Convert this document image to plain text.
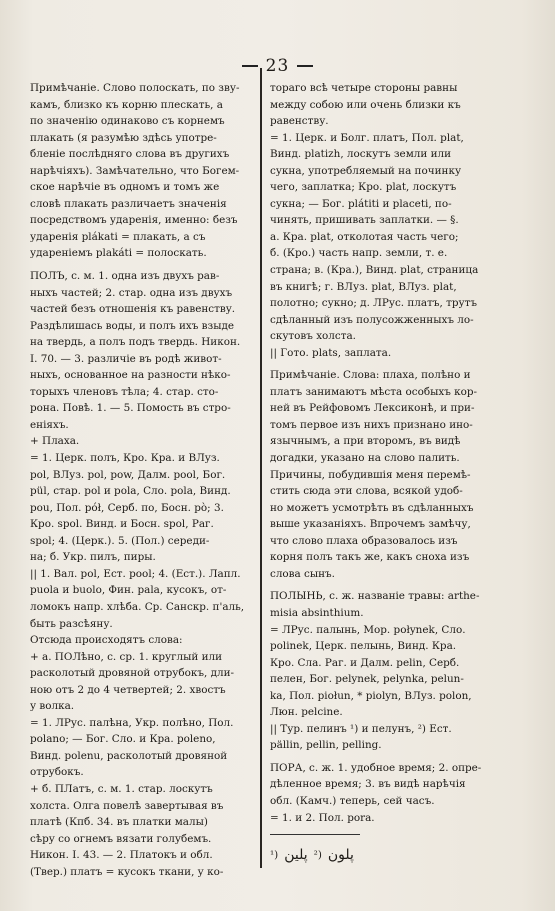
23
Примѣчаніе. Слово полоскать, по зву-
камъ, близко къ корню плескать, а
по значенію одинаково съ корнемъ
плакать (я разумѣю здѣсь употре-
бленіе послѣдняго слова въ другихъ
нарѣчіяхъ). Замѣчательно, что Богем-
ское нарѣчіе въ одномъ и томъ же
словѣ плакать различаетъ значенія
посредствомъ ударенія, именно: безъ
ударенія plákati = плакать, а съ
удареніемъ plakáti = полоскать.
ПОЛЪ, с. м. 1. одна изъ двухъ рав-
ныхъ частей; 2. стар. одна изъ двухъ
частей безъ отношенія къ равенству.
Раздѣлишась воды, и полъ ихъ взыде
на твердь, а полъ подъ твердь. Никон.
I. 70. — 3. различіе въ родѣ живот-
ныхъ, основанное на разности нѣко-
торыхъ членовъ тѣла; 4. стар. сто-
рона. Повѣ. 1. — 5. Помость въ стро-
еніяхъ.
+ Плаха.
= 1. Церк. полъ, Кро. Кра. и ВЛуз.
pol, ВЛуз. pol, pow, Далм. pool, Бог.
pül, стар. pol и pola, Сло. pola, Винд.
pou, Пол. pół, Серб. по, Босн. pò; 3.
Кро. spol. Винд. и Босн. spol, Раг.
spol; 4. (Церк.). 5. (Пол.) середи-
на; б. Укр. пилъ, пиры.
|| 1. Вал. pol, Ест. pool; 4. (Ест.). Лапл.
puola и buolo, Фин. pala, кусокъ, от-
ломокъ напр. хлѣба. Ср. Санскр. п'аль,
быть разсѣяну.
Отсюда происходятъ слова:
+ а. ПОЛѣно, с. ср. 1. круглый или
расколотый дровяной отрубокъ, дли-
ною отъ 2 до 4 четвертей; 2. хвостъ
у волка.
= 1. ЛРус. палѣна, Укр. полѣно, Пол.
polano; — Бог. Сло. и Кра. poleno,
Винд. polenu, расколотый дровяной
отрубокъ.
+ б. ПЛатъ, с. м. 1. стар. лоскутъ
холста. Олга повелѣ завертывая въ
платѣ (Кпб. 34. въ платки малы)
сѣру со огнемъ вязати голубемъ.
Никон. I. 43. — 2. Платокъ и обл.
(Твер.) платъ = кусокъ ткани, у ко-
тораго всѣ четыре стороны равны
между собою или очень близки къ
равенству.
= 1. Церк. и Болг. платъ, Пол. plat,
Винд. platizh, лоскутъ земли или
сукна, употребляемый на починку
чего, заплатка; Кро. plat, лоскутъ
сукна; — Бог. plátiti и placeti, по-
чинять, пришивать заплатки. — §.
а. Кра. plat, отколотая часть чего;
б. (Кро.) часть напр. земли, т. е.
страна; в. (Кра.), Винд. plat, страница
въ книгѣ; г. ВЛуз. plat, ВЛуз. plat,
полотно; сукно; д. ЛРус. платъ, трутъ
сдѣланный изъ полусожженныхъ ло-
скутовъ холста.
|| Гото. plats, заплата.
Примѣчаніе. Слова: плаха, полѣно и
платъ занимаютъ мѣста особыхъ кор-
ней въ Рейфовомъ Лексиконѣ, и при-
томъ первое изъ нихъ признано ино-
язычнымъ, а при второмъ, въ видѣ
догадки, указано на слово палить.
Причины, побудившія меня перемѣ-
стить сюда эти слова, всякой удоб-
но можетъ усмотрѣть въ сдѣланныхъ
выше указаніяхъ. Впрочемъ замѣчу,
что слово плаха образовалось изъ
корня полъ такъ же, какъ сноха изъ
слова сынъ.
ПОЛЫНЬ, с. ж. названіе травы: arthe-
misia absinthium.
= ЛРус. палынь, Мор. połynek, Сло.
polinek, Церк. пелынь, Винд. Кра.
Кро. Сла. Раг. и Далм. pelin, Серб.
пелен, Бог. pelynek, pelynka, pelun-
ka, Пол. piołun, * piolyn, ВЛуз. polon,
Люн. pelcine.
|| Тур. пелинъ ¹) и пелунъ, ²) Ест.
pällin, pellin, pelling.
ПОРА, с. ж. 1. удобное время; 2. опре-
дѣленное время; 3. въ видѣ нарѣчія
обл. (Камч.) теперь, сей часъ.
= 1. и 2. Пол. pora.
¹) پلين ²) پلون
